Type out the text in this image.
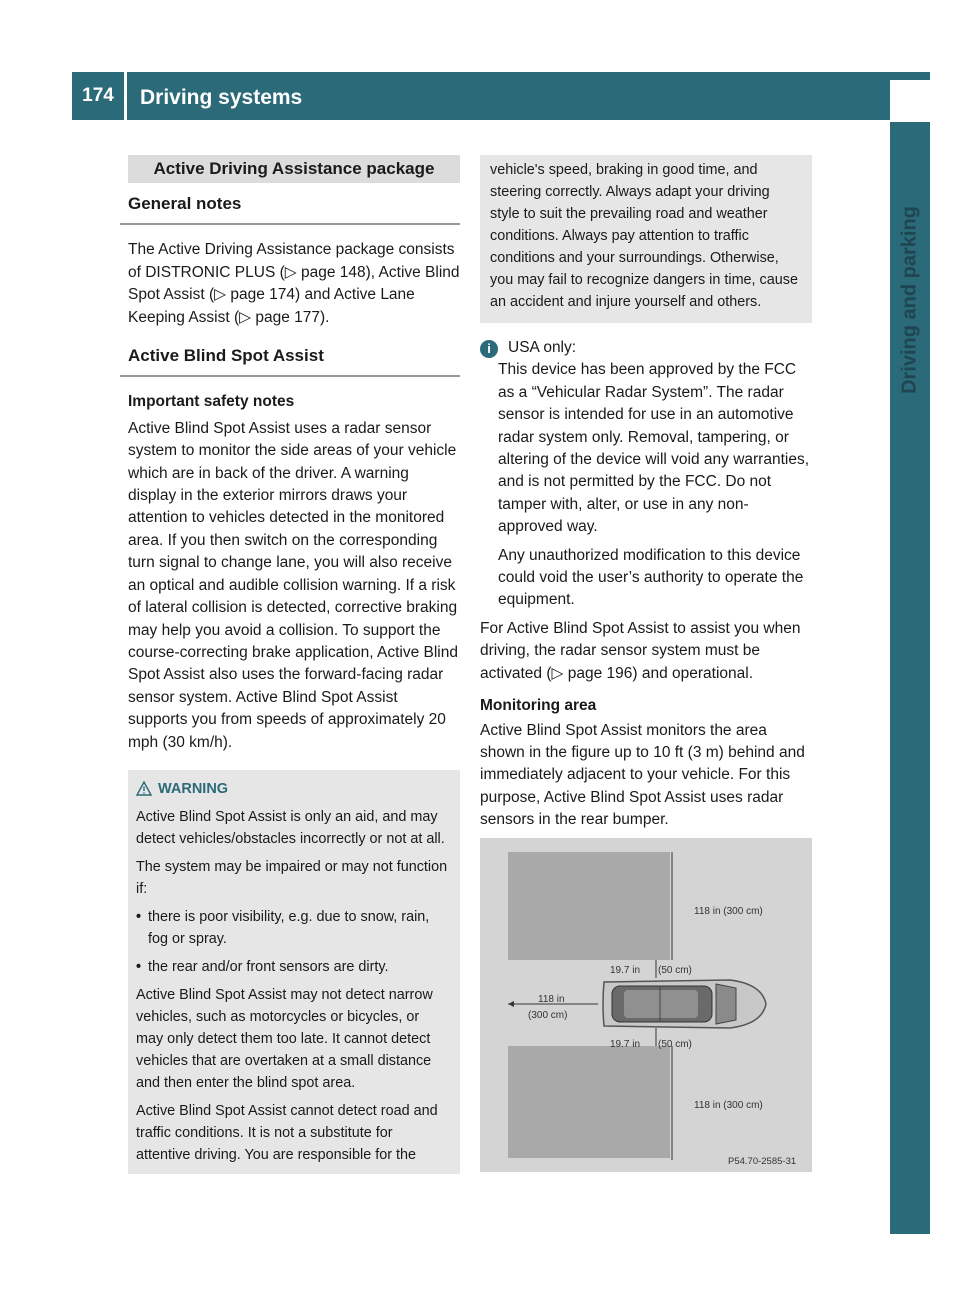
174	Driving systems
Driving and parking
Active Driving Assistance package
General notes

The Active Driving Assistance package consists of DISTRONIC PLUS (▷ page 148), Active Blind Spot Assist (▷ page 174) and Active Lane Keeping Assist (▷ page 177).

Active Blind Spot Assist

Important safety notes

Active Blind Spot Assist uses a radar sensor system to monitor the side areas of your vehicle which are in back of the driver. A warning display in the exterior mirrors draws your attention to vehicles detected in the monitored area. If you then switch on the corresponding turn signal to change lane, you will also receive an optical and audible collision warning. If a risk of lateral collision is detected, corrective braking may help you avoid a collision. To support the course-correcting brake application, Active Blind Spot Assist also uses the forward-facing radar sensor system. Active Blind Spot Assist supports you from speeds of approximately 20 mph (30 km/h).

WARNING

Active Blind Spot Assist is only an aid, and may detect vehicles/obstacles incorrectly or not at all.

The system may be impaired or may not function if:

• there is poor visibility, e.g. due to snow, rain, fog or spray.
• the rear and/or front sensors are dirty.

Active Blind Spot Assist may not detect narrow vehicles, such as motorcycles or bicycles, or may only detect them too late. It cannot detect vehicles that are overtaken at a small distance and then enter the blind spot area.

Active Blind Spot Assist cannot detect road and traffic conditions. It is not a substitute for attentive driving. You are responsible for the

vehicle's speed, braking in good time, and steering correctly. Always adapt your driving style to suit the prevailing road and weather conditions. Always pay attention to traffic conditions and your surroundings. Otherwise, you may fail to recognize dangers in time, cause an accident and injure yourself and others.

i	USA only:

This device has been approved by the FCC as a “Vehicular Radar System”. The radar sensor is intended for use in an automotive radar system only. Removal, tampering, or altering of the device will void any warranties, and is not permitted by the FCC. Do not tamper with, alter, or use in any non-approved way.

Any unauthorized modification to this device could void the user’s authority to operate the equipment.

For Active Blind Spot Assist to assist you when driving, the radar sensor system must be activated (▷ page 196) and operational.

Monitoring area

Active Blind Spot Assist monitors the area shown in the figure up to 10 ft (3 m) behind and immediately adjacent to your vehicle. For this purpose, Active Blind Spot Assist uses radar sensors in the rear bumper.

118 in (300 cm)
118 in (300 cm)
19.7 in (50 cm)
19.7 in (50 cm)
118 in
(300 cm)
P54.70-2585-31
